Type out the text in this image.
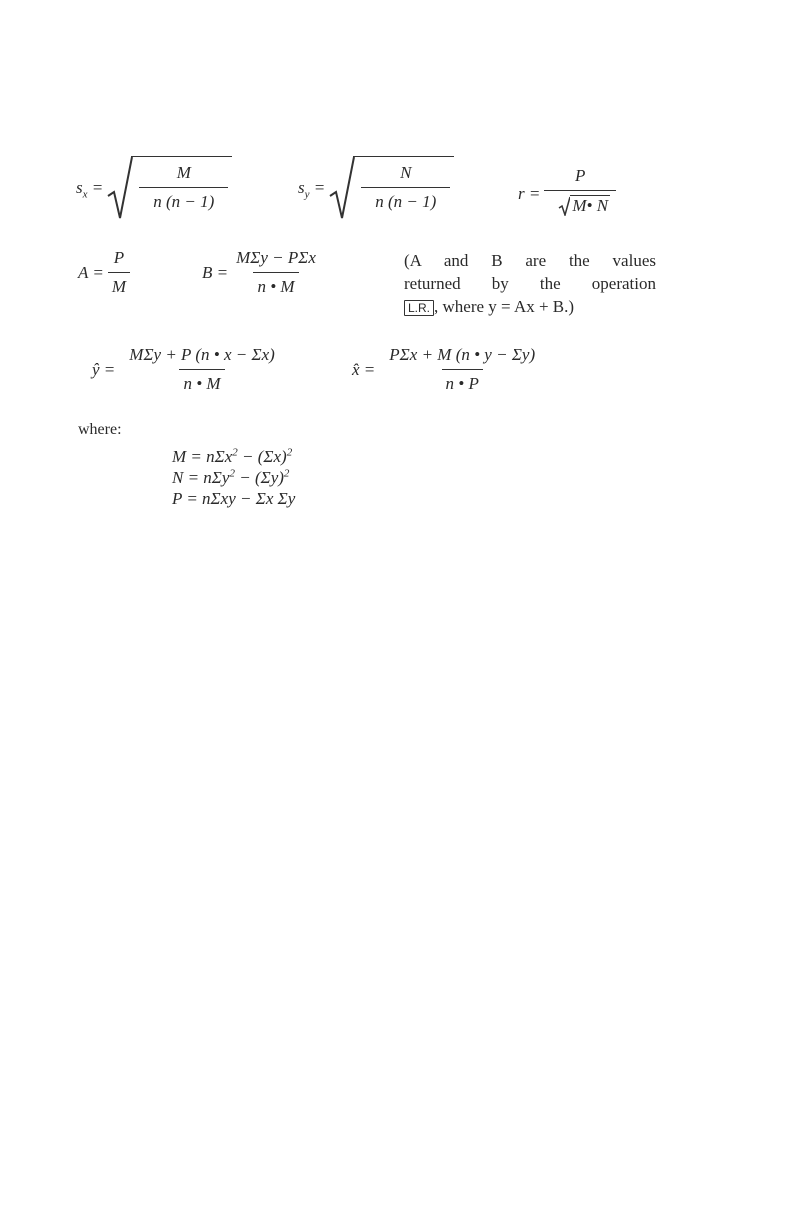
$s_x = \frac{M}{n (n - 1)}$	$s_y = \frac{N}{n (n - 1)}$	$r = \frac{P}{M• N}$
$A = \frac{P}{M}$	$B = \frac{\text{MΣy − PΣx}}{n • M}$	(A and B are the values
returned by the operation
L.R. , where y = Ax + B.)
ŷ = $\frac{\text{MΣy + P (n • x − Σx)}}{n • M}$	x̂ = $\frac{\text{PΣx + M (n • y − Σy)}}{n • P}$
where:
$M = n\Sigma x^2 - (\Sigma x)^2$
$N = n\Sigma y^2 - (\Sigma y)^2$
P = nΣxy − Σx Σy
